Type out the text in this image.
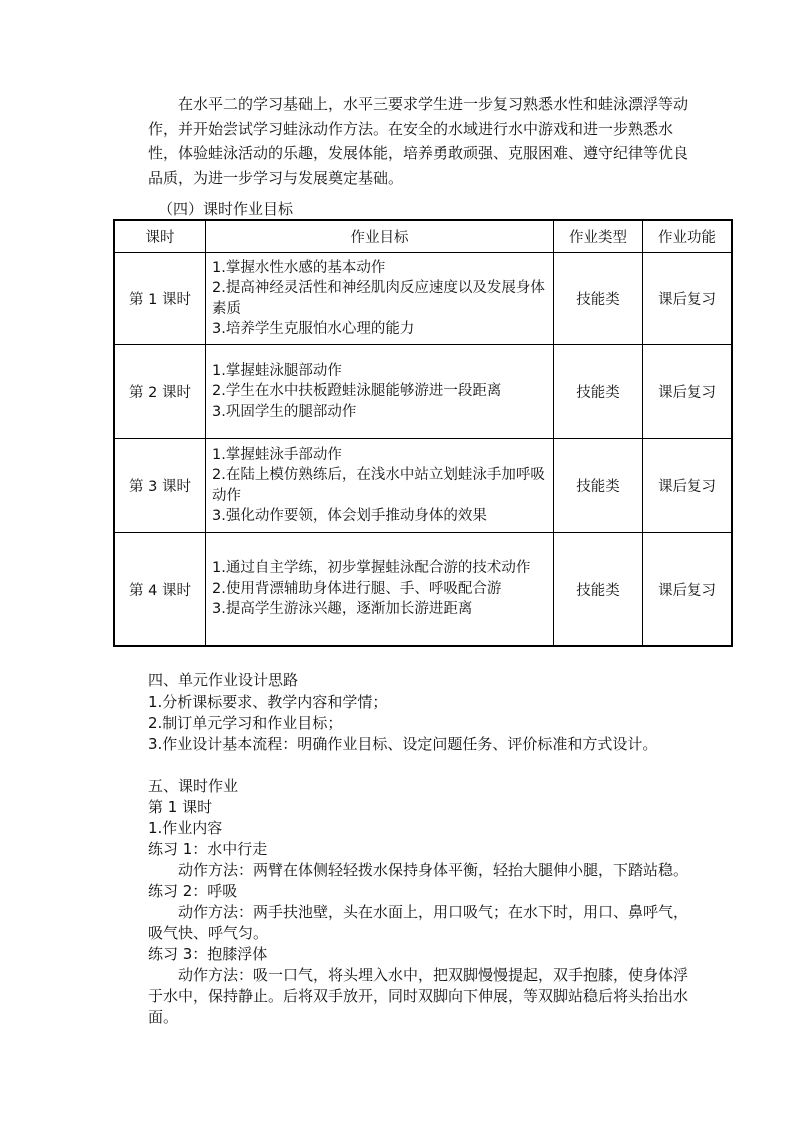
在水平二的学习基础上，水平三要求学生进一步复习熟悉水性和蛙泳漂浮等动作，并开始尝试学习蛙泳动作方法。在安全的水域进行水中游戏和进一步熟悉水性，体验蛙泳活动的乐趣，发展体能，培养勇敢顽强、克服困难、遵守纪律等优良品质，为进一步学习与发展奠定基础。

（四）课时作业目标

课时	作业目标	作业类型	作业功能
第 1 课时	1.掌握水性水感的基本动作
2.提高神经灵活性和神经肌肉反应速度以及发展身体素质
3.培养学生克服怕水心理的能力	技能类	课后复习
第 2 课时	1.掌握蛙泳腿部动作
2.学生在水中扶板蹬蛙泳腿能够游进一段距离
3.巩固学生的腿部动作	技能类	课后复习
第 3 课时	1.掌握蛙泳手部动作
2.在陆上模仿熟练后，在浅水中站立划蛙泳手加呼吸动作
3.强化动作要领，体会划手推动身体的效果	技能类	课后复习
第 4 课时	1.通过自主学练，初步掌握蛙泳配合游的技术动作
2.使用背漂辅助身体进行腿、手、呼吸配合游
3.提高学生游泳兴趣，逐渐加长游进距离	技能类	课后复习

四、单元作业设计思路

1.分析课标要求、教学内容和学情；

2.制订单元学习和作业目标；

3.作业设计基本流程：明确作业目标、设定问题任务、评价标准和方式设计。

五、课时作业

第 1 课时

1.作业内容

练习 1：水中行走

动作方法：两臂在体侧轻轻拨水保持身体平衡，轻抬大腿伸小腿，下踏站稳。

练习 2：呼吸

动作方法：两手扶池壁，头在水面上，用口吸气；在水下时，用口、鼻呼气，吸气快、呼气匀。

练习 3：抱膝浮体

动作方法：吸一口气，将头埋入水中，把双脚慢慢提起，双手抱膝，使身体浮于水中，保持静止。后将双手放开，同时双脚向下伸展，等双脚站稳后将头抬出水面。
